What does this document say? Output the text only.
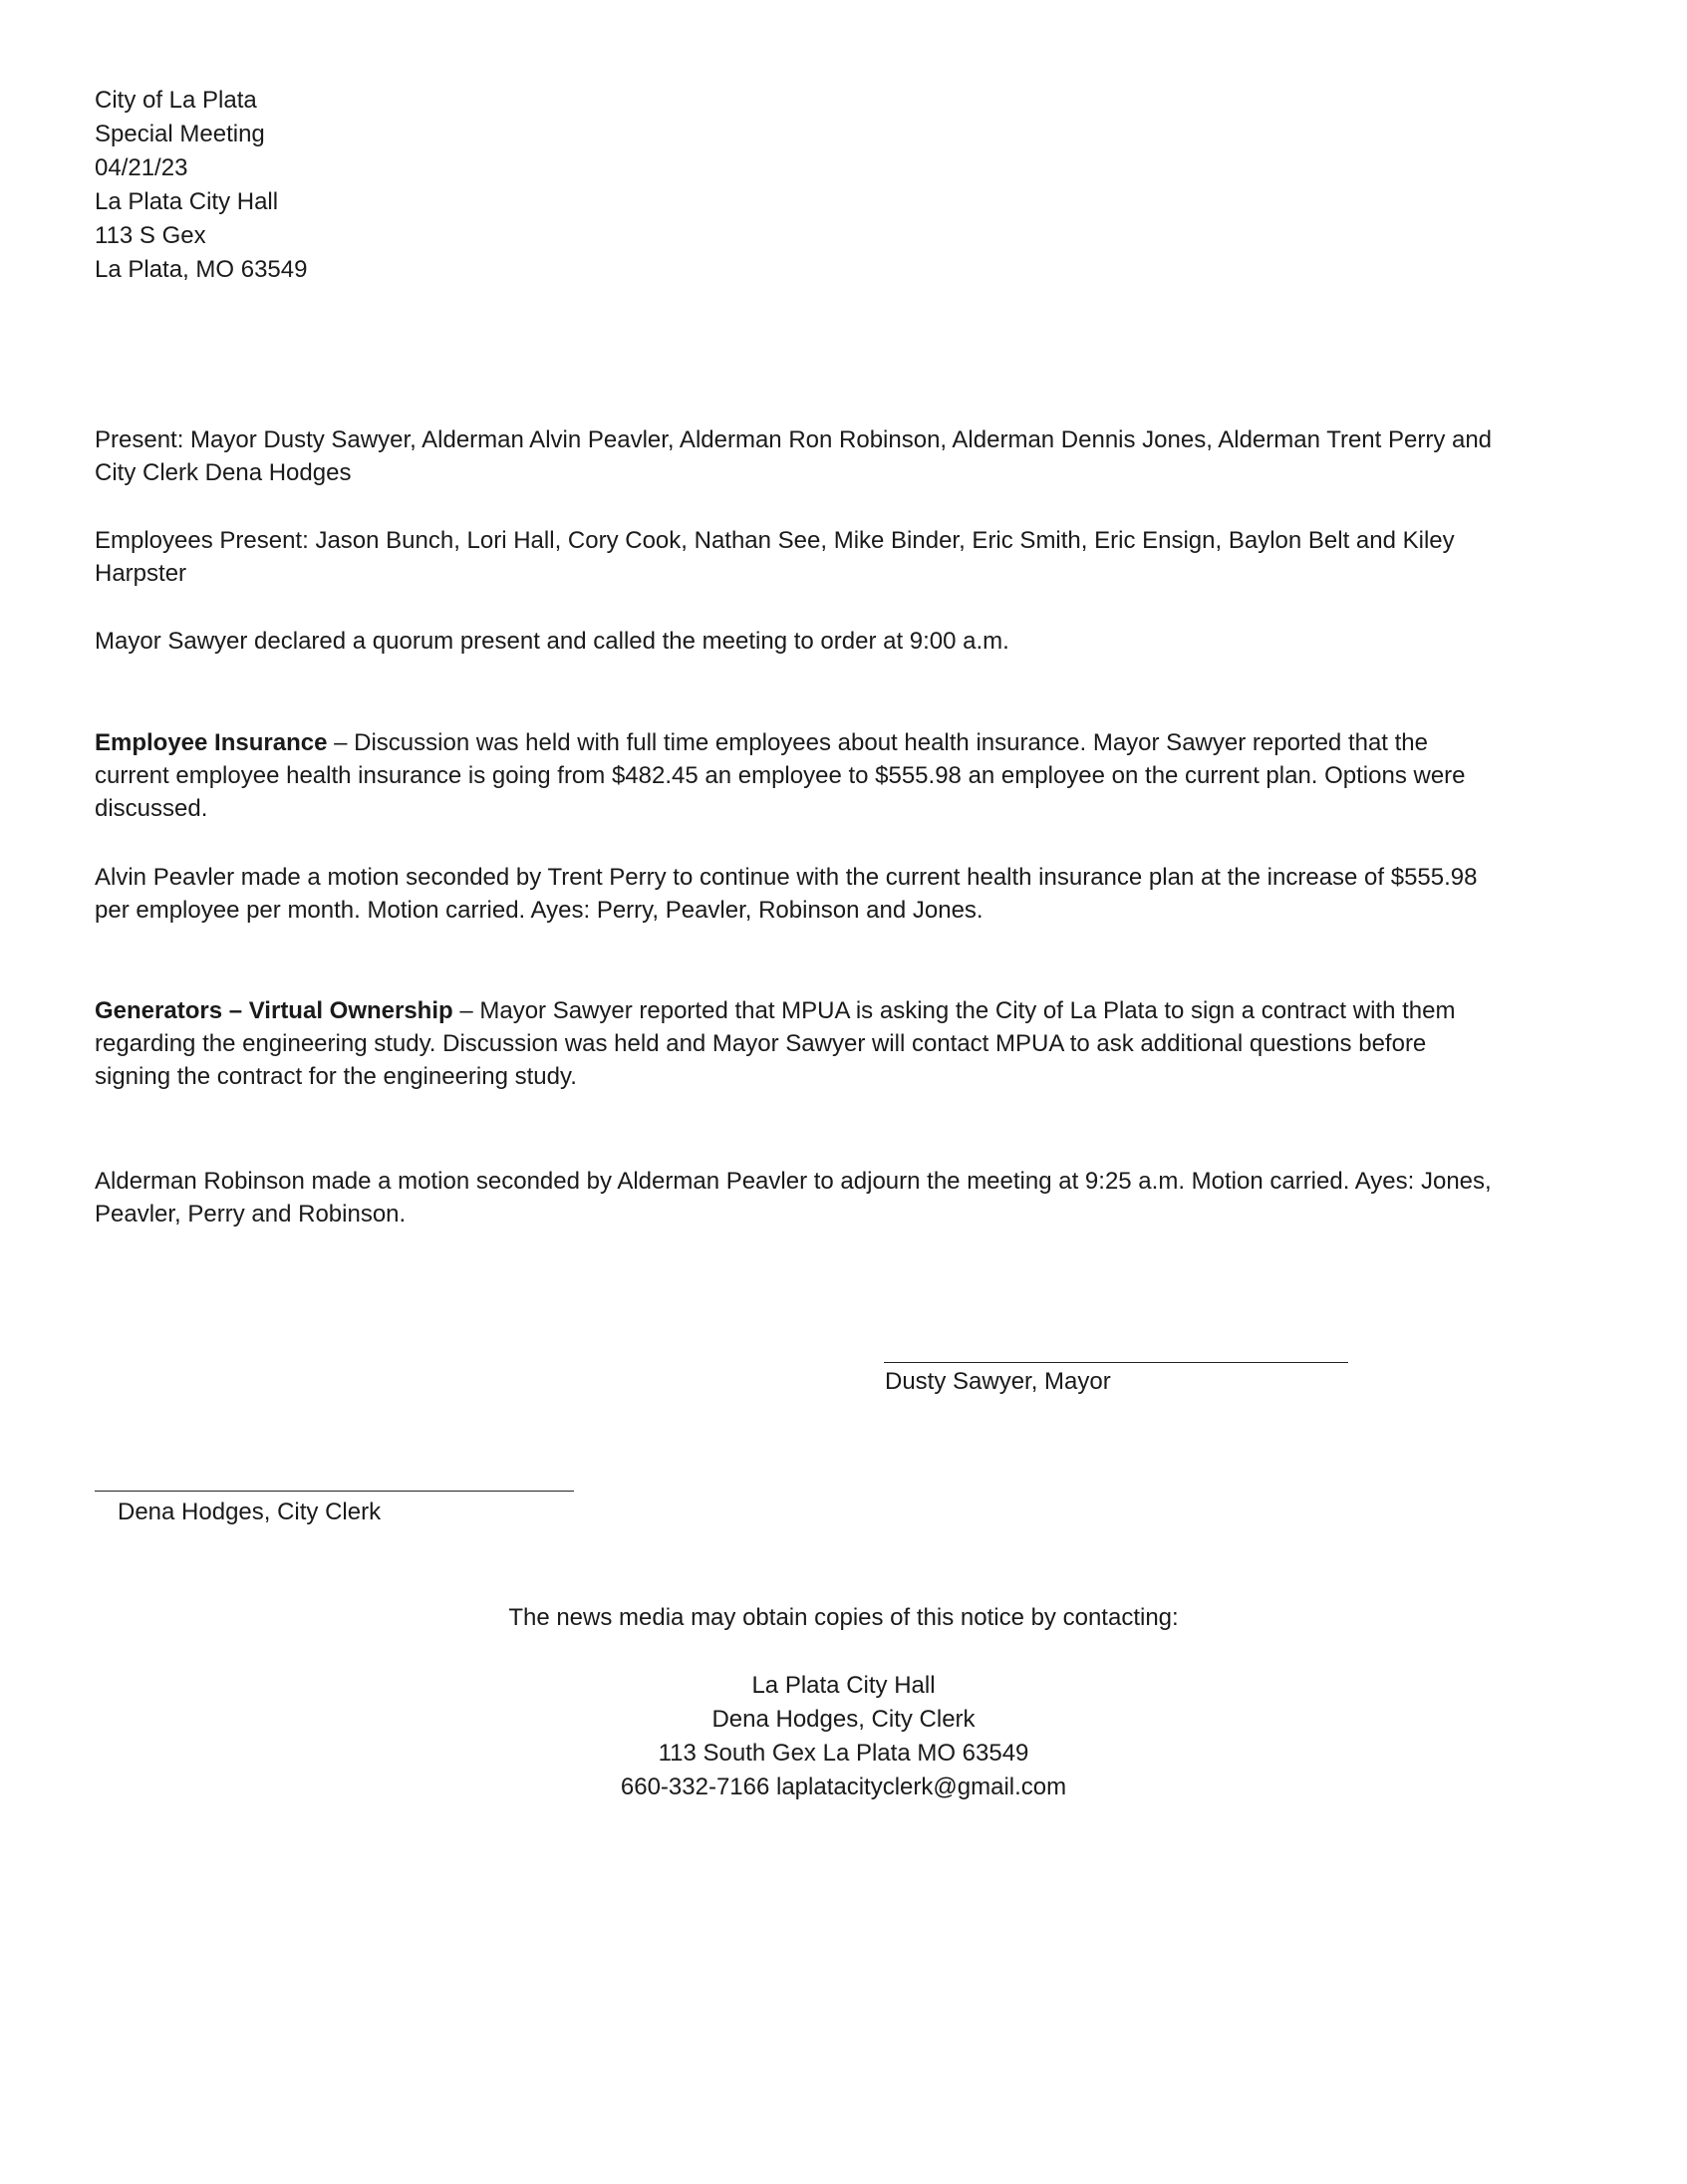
City of La Plata
Special Meeting
04/21/23
La Plata City Hall
113 S Gex
La Plata, MO 63549
Present: Mayor Dusty Sawyer, Alderman Alvin Peavler, Alderman Ron Robinson, Alderman Dennis Jones, Alderman Trent Perry and
City Clerk Dena Hodges
Employees Present: Jason Bunch, Lori Hall, Cory Cook, Nathan See, Mike Binder, Eric Smith, Eric Ensign, Baylon Belt and Kiley
Harpster
Mayor Sawyer declared a quorum present and called the meeting to order at 9:00 a.m.
Employee Insurance – Discussion was held with full time employees about health insurance. Mayor Sawyer reported that the
current employee health insurance is going from $482.45 an employee to $555.98 an employee on the current plan. Options were
discussed.
Alvin Peavler made a motion seconded by Trent Perry to continue with the current health insurance plan at the increase of $555.98
per employee per month. Motion carried. Ayes: Perry, Peavler, Robinson and Jones.
Generators – Virtual Ownership – Mayor Sawyer reported that MPUA is asking the City of La Plata to sign a contract with them
regarding the engineering study. Discussion was held and Mayor Sawyer will contact MPUA to ask additional questions before
signing the contract for the engineering study.
Alderman Robinson made a motion seconded by Alderman Peavler to adjourn the meeting at 9:25 a.m. Motion carried. Ayes: Jones,
Peavler, Perry and Robinson.
Dusty Sawyer, Mayor
Dena Hodges, City Clerk
The news media may obtain copies of this notice by contacting:
La Plata City Hall
Dena Hodges, City Clerk
113 South Gex La Plata MO 63549
660-332-7166 laplatacityclerk@gmail.com
